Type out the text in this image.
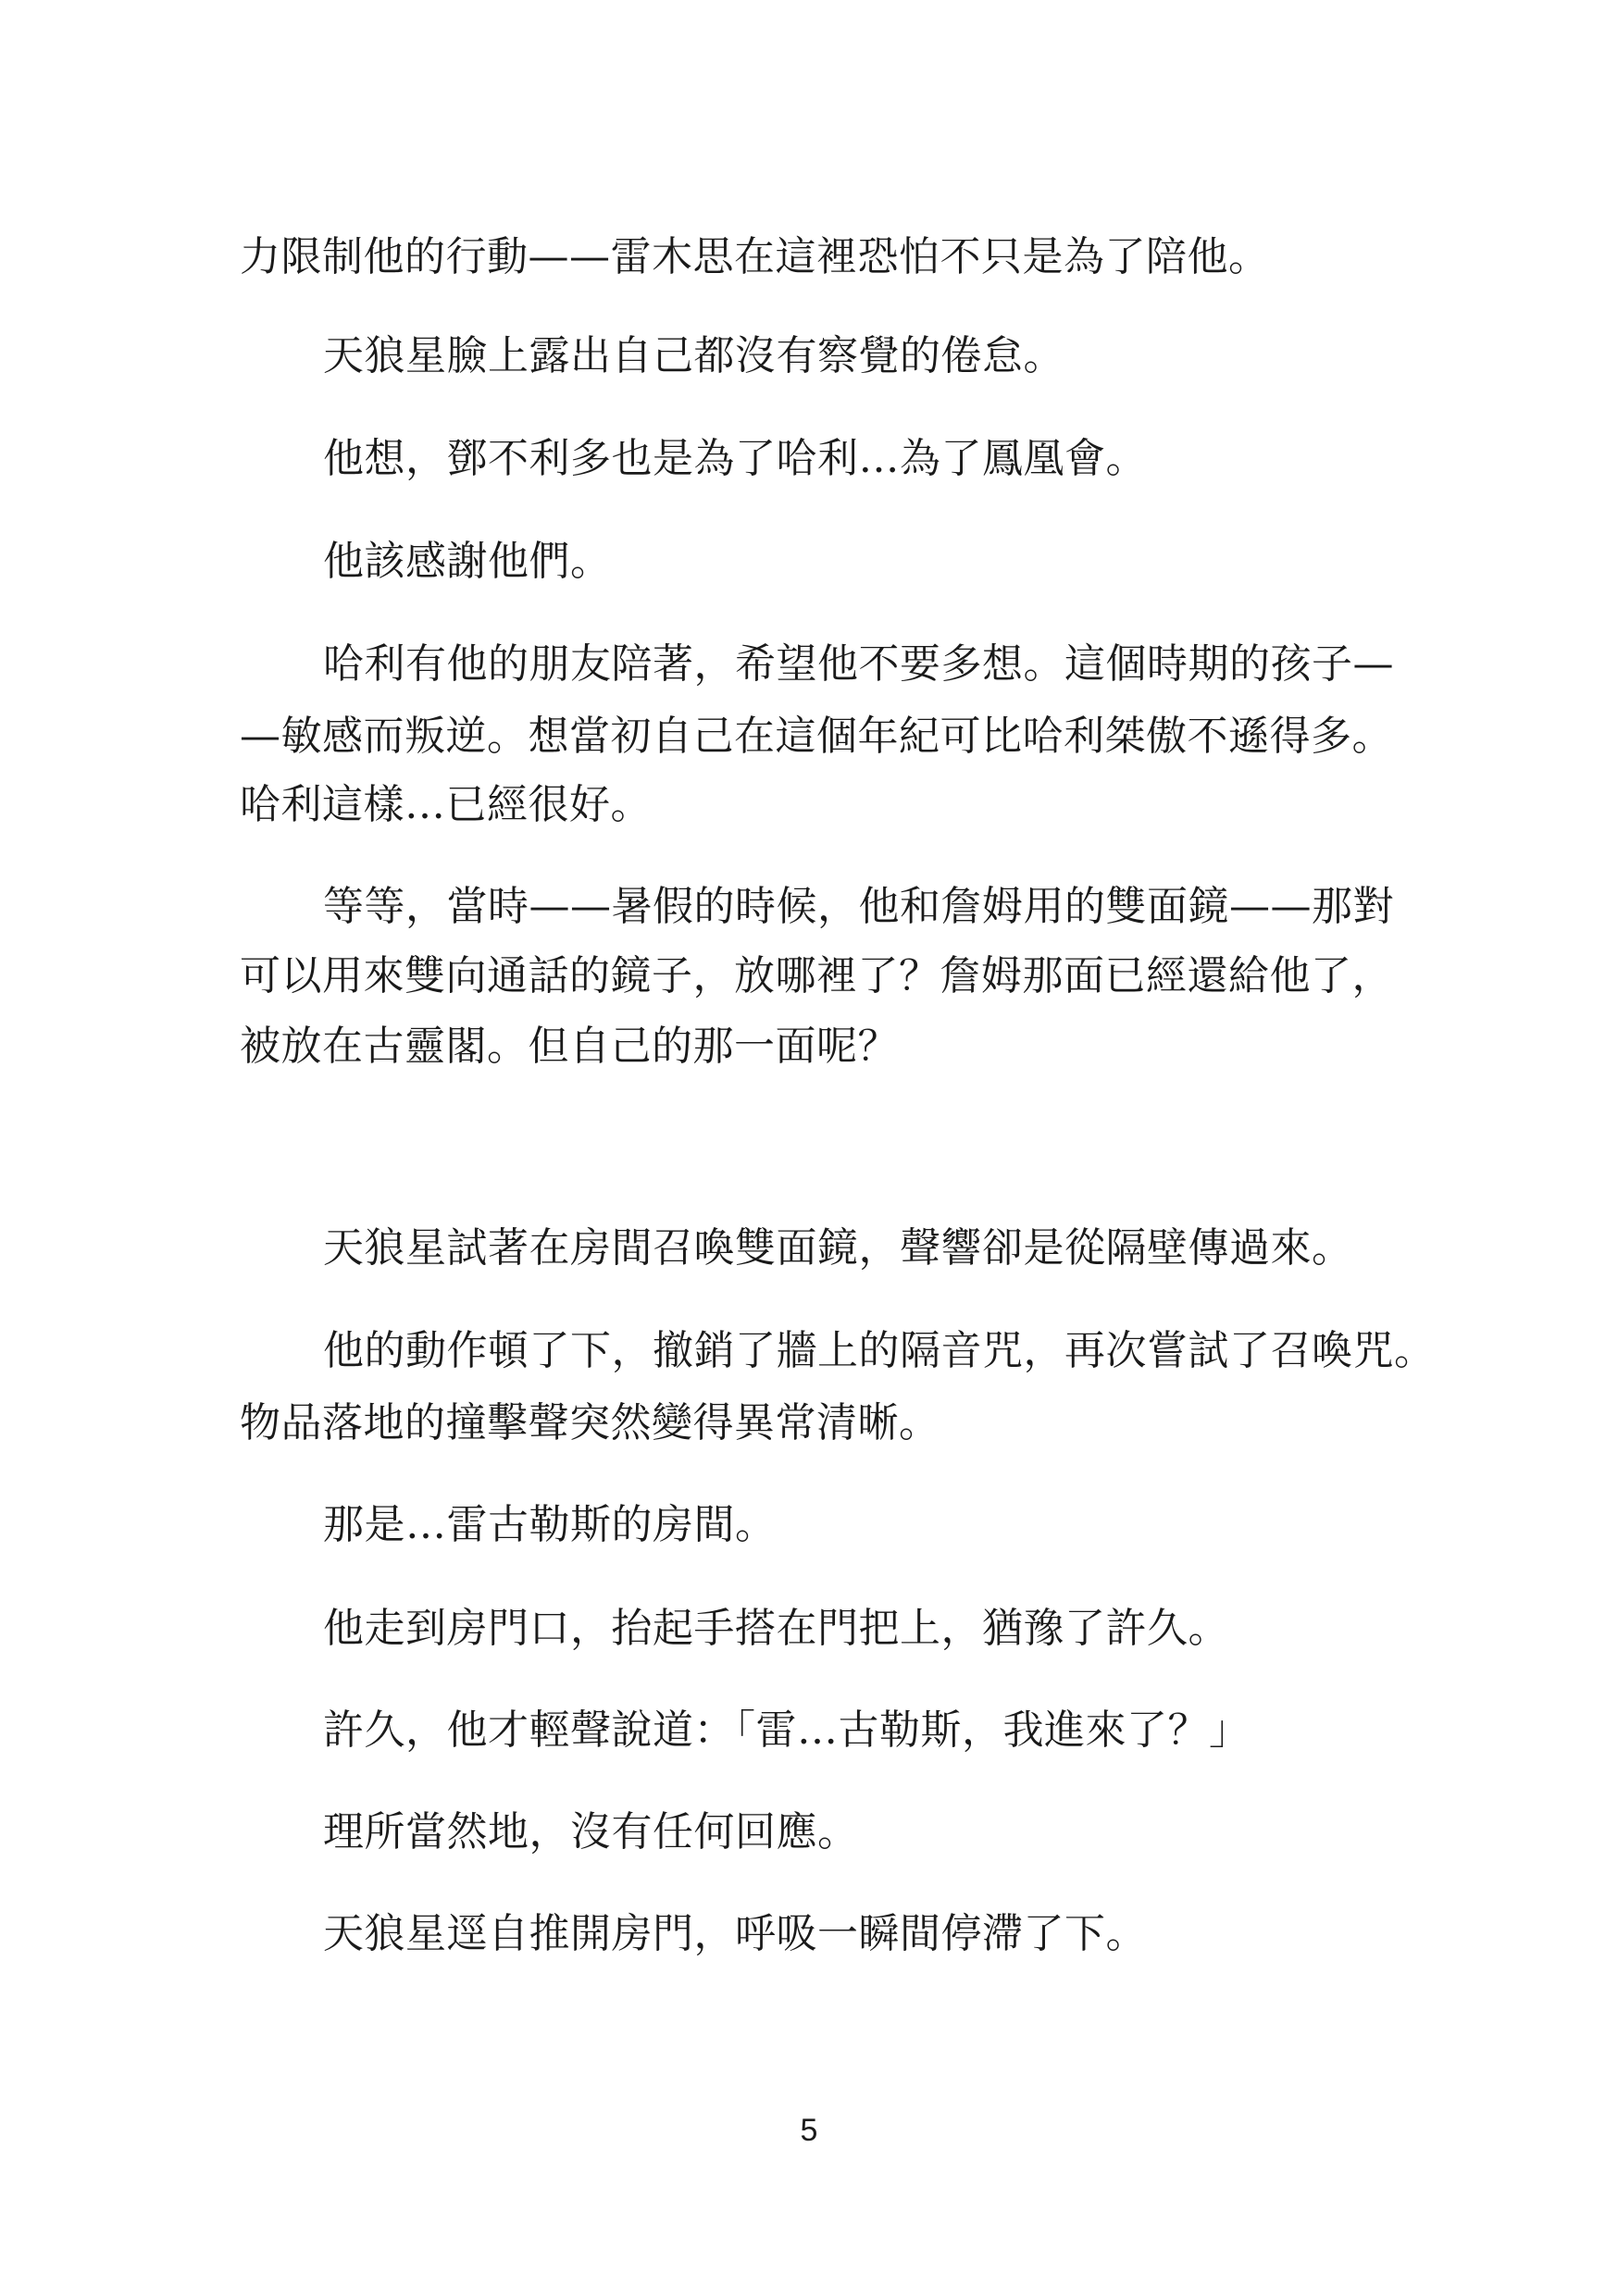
力限制他的行動——雷木思在這裡恐怕不只是為了陪他。
天狼星臉上露出自己都沒有察覺的倦怠。
他想，鄧不利多也是為了哈利…為了鳳凰會。
他該感謝他們。
哈利有他的朋友陪著，希望他不要多想。這個時期的孩子—
—敏感而叛逆。想當初自己在這個年紀可比哈利桀傲不遜得多。
哈利這樣…已經很好。
等等，當時——暑假的時候，他和詹姆用的雙面鏡——那對
可以用來雙向通話的鏡子，放哪裡了？詹姆那面已經還給他了，
被放在古靈閣。但自己的那一面呢？
天狼星試著在房間召喚雙面鏡，聲響卻是從隔壁傳過來。
他的動作頓了下，撤銷了牆上的隔音咒，再次嘗試了召喚咒。
物品落地的撞擊聲突然變得異常清晰。
那是…雷古勒斯的房間。
他走到房門口，抬起手搭在門把上，猶豫了許久。
許久，他才輕聲說道：「雷…古勒斯，我進來了？」
理所當然地，沒有任何回應。
天狼星逕自推開房門，呼吸一瞬間停滯了下。
5
